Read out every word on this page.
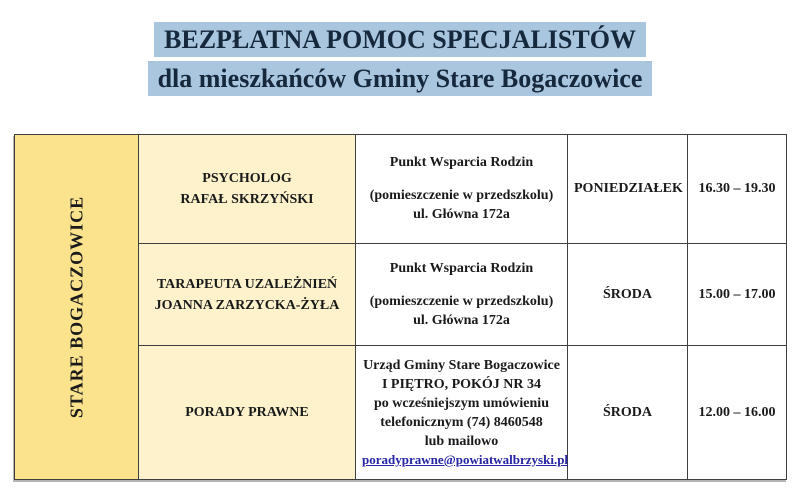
BEZPŁATNA POMOC SPECJALISTÓW
dla mieszkańców Gminy Stare Bogaczowice
STARE BOGACZOWICE

PSYCHOLOG
RAFAŁ SKRZYŃSKI

Punkt Wsparcia Rodzin
(pomieszczenie w przedszkolu)
ul. Główna 172a
	PONIEDZIAŁEK	16.30 – 19.30

TARAPEUTA UZALEŻNIEŃ
JOANNA ZARZYCKA-ŻYŁA

Punkt Wsparcia Rodzin
(pomieszczenie w przedszkolu)
ul. Główna 172a
	ŚRODA	15.00 – 17.00

PORADY PRAWNE

Urząd Gminy Stare Bogaczowice
I PIĘTRO, POKÓJ NR 34
po wcześniejszym umówieniu
telefonicznym (74) 8460548
lub mailowo
poradyprawne@powiatwalbrzyski.pl	ŚRODA	12.00 – 16.00
